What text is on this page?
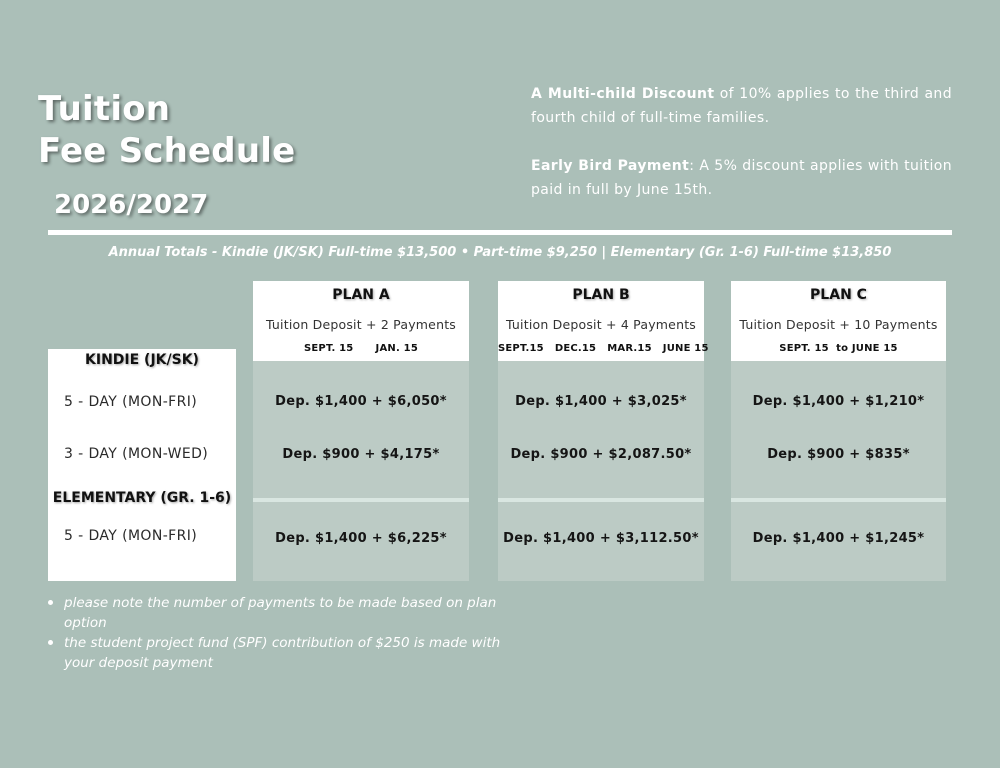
Tuition
Fee Schedule
2026/2027

A Multi-child Discount of 10% applies to the third and fourth child of full-time families.

Early Bird Payment: A 5% discount applies with tuition paid in full by June 15th.

Annual Totals - Kindie (JK/SK) Full-time $13,500 • Part-time $9,250 | Elementary (Gr. 1-6) Full-time $13,850
KINDIE (JK/SK)
5 - DAY (MON-FRI)
3 - DAY (MON-WED)
ELEMENTARY (GR. 1-6)
5 - DAY (MON-FRI)
PLAN A
Tuition Deposit + 2 Payments
SEPT. 15      JAN. 15
Dep. $1,400 + $6,050*
Dep. $900 + $4,175*
Dep. $1,400 + $6,225*
PLAN B
Tuition Deposit + 4 Payments
SEPT.15   DEC.15   MAR.15   JUNE 15
Dep. $1,400 + $3,025*
Dep. $900 + $2,087.50*
Dep. $1,400 + $3,112.50*
PLAN C
Tuition Deposit + 10 Payments
SEPT. 15  to JUNE 15
Dep. $1,400 + $1,210*
Dep. $900 + $835*
Dep. $1,400 + $1,245*
please note the number of payments to be made based on plan option
the student project fund (SPF) contribution of $250 is made with your deposit payment
